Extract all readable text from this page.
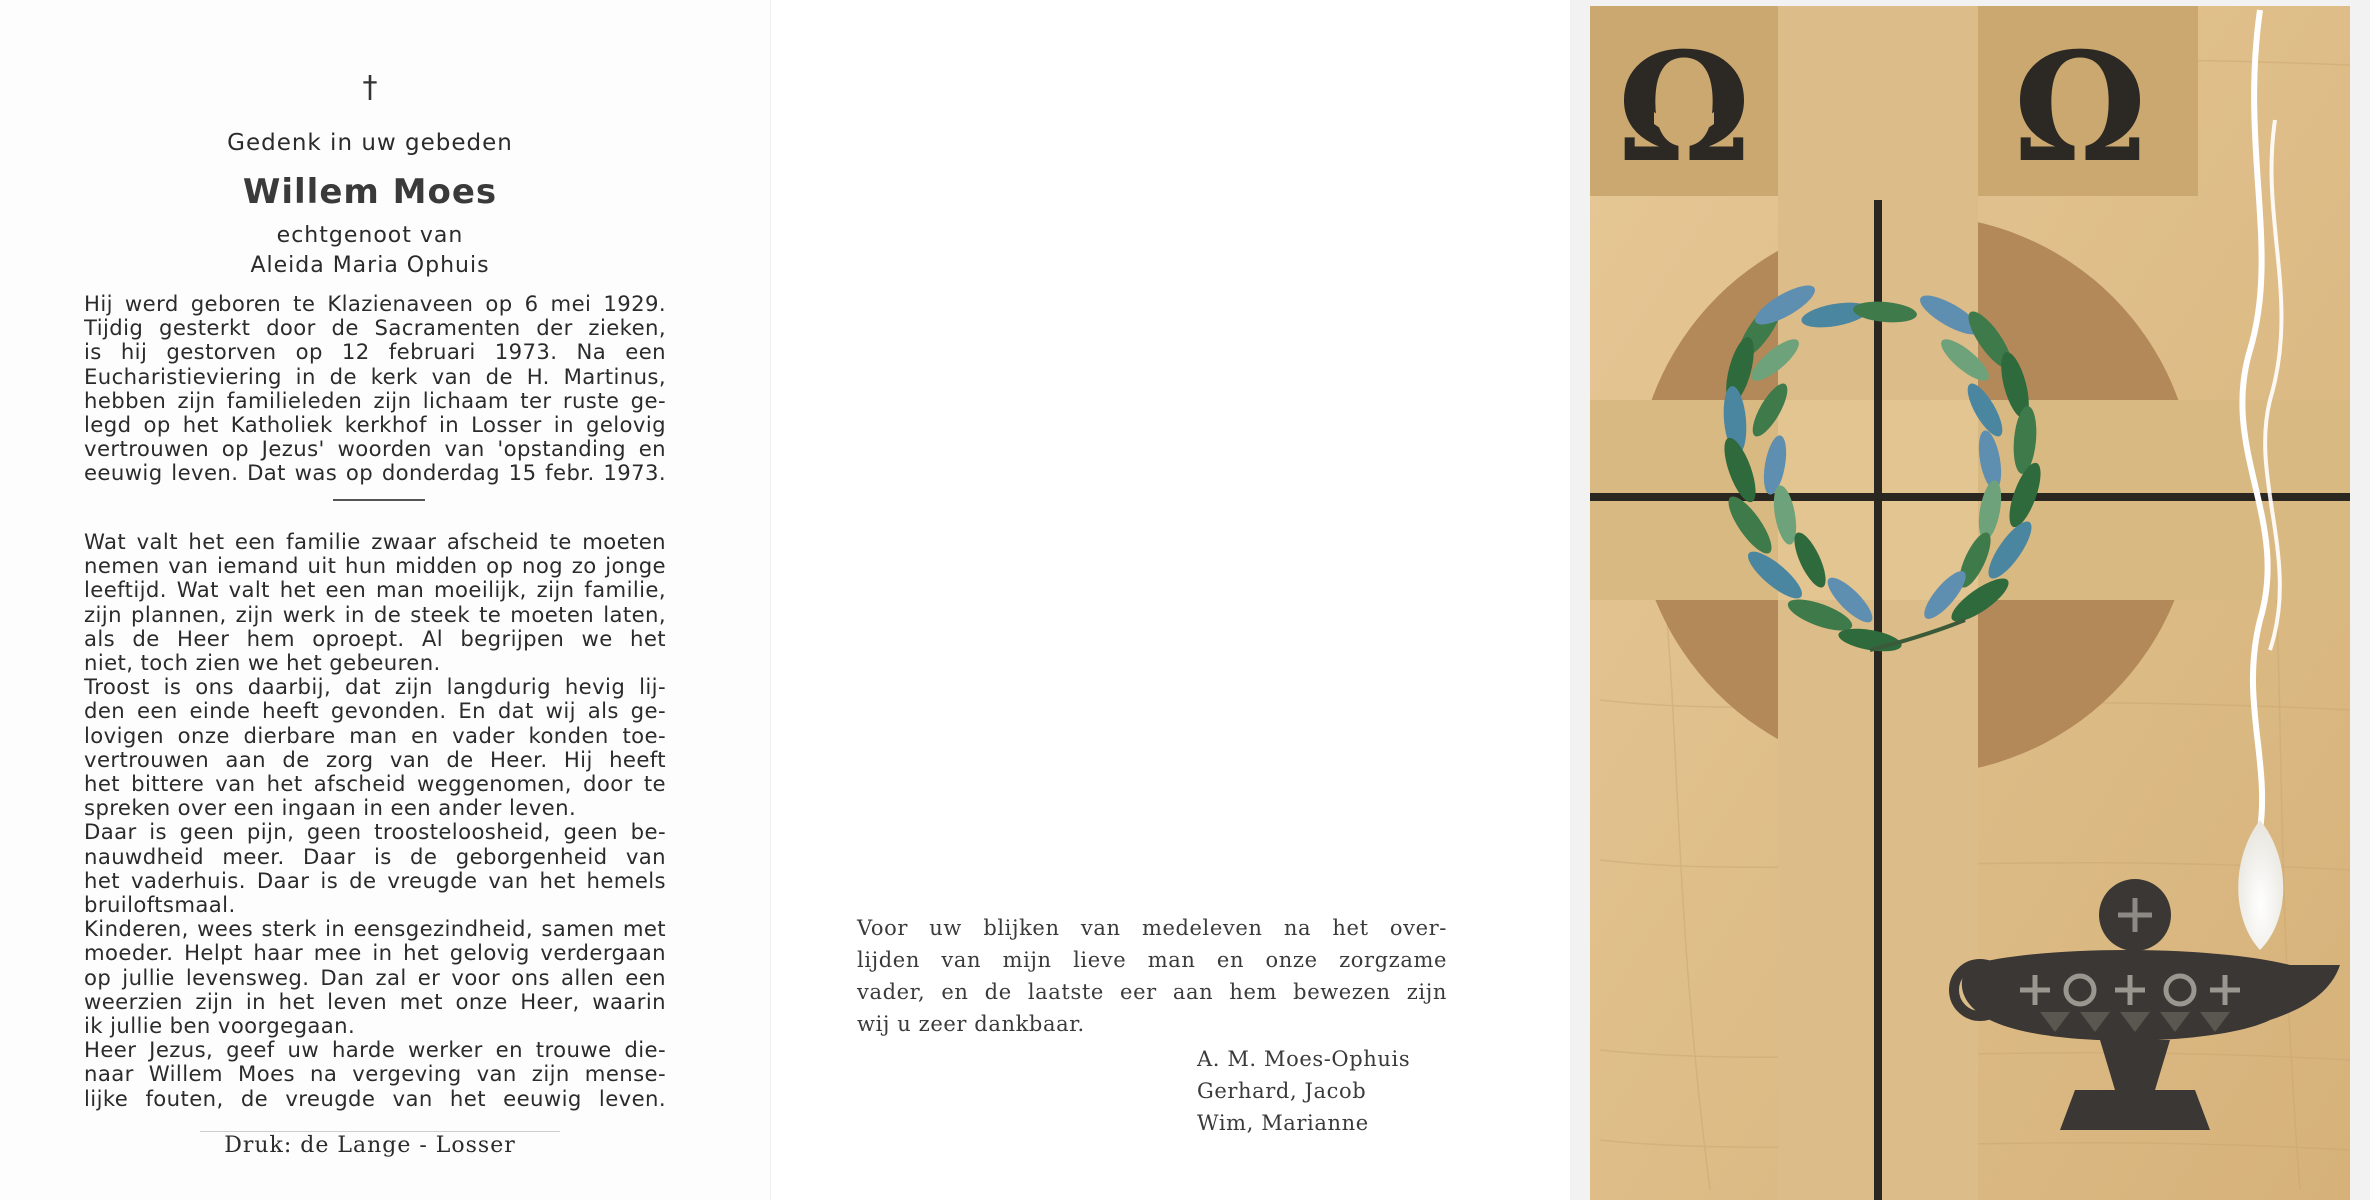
†
Gedenk in uw gebeden
Willem Moes
echtgenoot van
Aleida Maria Ophuis
Hij werd geboren te Klazienaveen op 6 mei 1929.
Tijdig gesterkt door de Sacramenten der zieken,
is hij gestorven op 12 februari 1973. Na een
Eucharistieviering in de kerk van de H. Martinus,
hebben zijn familieleden zijn lichaam ter ruste ge-
legd op het Katholiek kerkhof in Losser in gelovig
vertrouwen op Jezus' woorden van 'opstanding en
eeuwig leven. Dat was op donderdag 15 febr. 1973.
Wat valt het een familie zwaar afscheid te moeten
nemen van iemand uit hun midden op nog zo jonge
leeftijd. Wat valt het een man moeilijk, zijn familie,
zijn plannen, zijn werk in de steek te moeten laten,
als de Heer hem oproept. Al begrijpen we het
niet, toch zien we het gebeuren.
Troost is ons daarbij, dat zijn langdurig hevig lij-
den een einde heeft gevonden. En dat wij als ge-
lovigen onze dierbare man en vader konden toe-
vertrouwen aan de zorg van de Heer. Hij heeft
het bittere van het afscheid weggenomen, door te
spreken over een ingaan in een ander leven.
Daar is geen pijn, geen troosteloosheid, geen be-
nauwdheid meer. Daar is de geborgenheid van
het vaderhuis. Daar is de vreugde van het hemels
bruiloftsmaal.
Kinderen, wees sterk in eensgezindheid, samen met
moeder. Helpt haar mee in het gelovig verdergaan
op jullie levensweg. Dan zal er voor ons allen een
weerzien zijn in het leven met onze Heer, waarin
ik jullie ben voorgegaan.
Heer Jezus, geef uw harde werker en trouwe die-
naar Willem Moes na vergeving van zijn mense-
lijke fouten, de vreugde van het eeuwig leven.
Druk: de Lange - Losser
Voor uw blijken van medeleven na het over-
lijden van mijn lieve man en onze zorgzame
vader, en de laatste eer aan hem bewezen zijn
wij u zeer dankbaar.
A. M. Moes-Ophuis
Gerhard, Jacob
Wim, Marianne
Ω Ω
